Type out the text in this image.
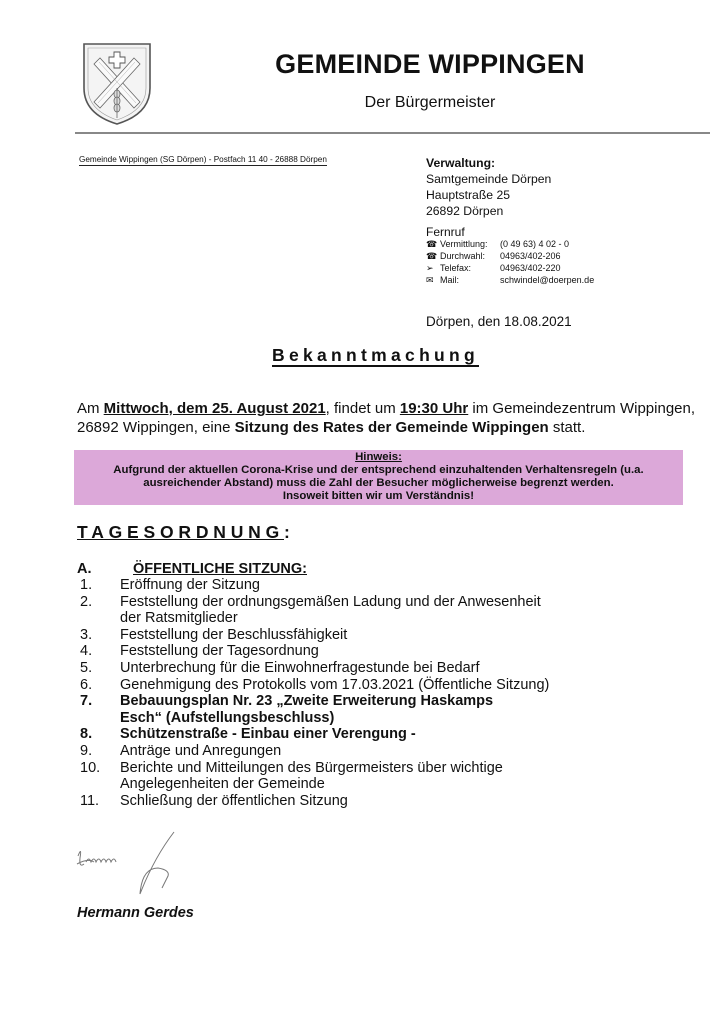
GEMEINDE WIPPINGEN
Der Bürgermeister
Gemeinde Wippingen (SG Dörpen) - Postfach 11 40 - 26888 Dörpen	Verwaltung:
Samtgemeinde Dörpen
Hauptstraße 25
26892 Dörpen
Fernruf
☎ Vermittlung:	(0 49 63) 4 02 - 0
☎ Durchwahl:	04963/402-206
➢ Telefax:	04963/402-220
✉ Mail:	schwindel@doerpen.de
Dörpen, den 18.08.2021
Bekanntmachung
Am Mittwoch, dem 25. August 2021, findet um 19:30 Uhr im Gemeindezentrum Wippingen, 26892 Wippingen, eine Sitzung des Rates der Gemeinde Wippingen statt.
Hinweis:
Aufgrund der aktuellen Corona-Krise und der entsprechend einzuhaltenden Verhaltensregeln (u.a.
ausreichender Abstand) muss die Zahl der Besucher möglicherweise begrenzt werden.
Insoweit bitten wir um Verständnis!
TAGESORDNUNG:
A.	ÖFFENTLICHE SITZUNG:
1.	Eröffnung der Sitzung
2.	Feststellung der ordnungsgemäßen Ladung und der Anwesenheit der Ratsmitglieder
3.	Feststellung der Beschlussfähigkeit
4.	Feststellung der Tagesordnung
5.	Unterbrechung für die Einwohnerfragestunde bei Bedarf
6.	Genehmigung des Protokolls vom 17.03.2021 (Öffentliche Sitzung)
7.	Bebauungsplan Nr. 23 „Zweite Erweiterung Haskamps Esch“ (Aufstellungsbeschluss)
8.	Schützenstraße - Einbau einer Verengung -
9.	Anträge und Anregungen
10.	Berichte und Mitteilungen des Bürgermeisters über wichtige Angelegenheiten der Gemeinde
11.	Schließung der öffentlichen Sitzung
Hermann Gerdes
